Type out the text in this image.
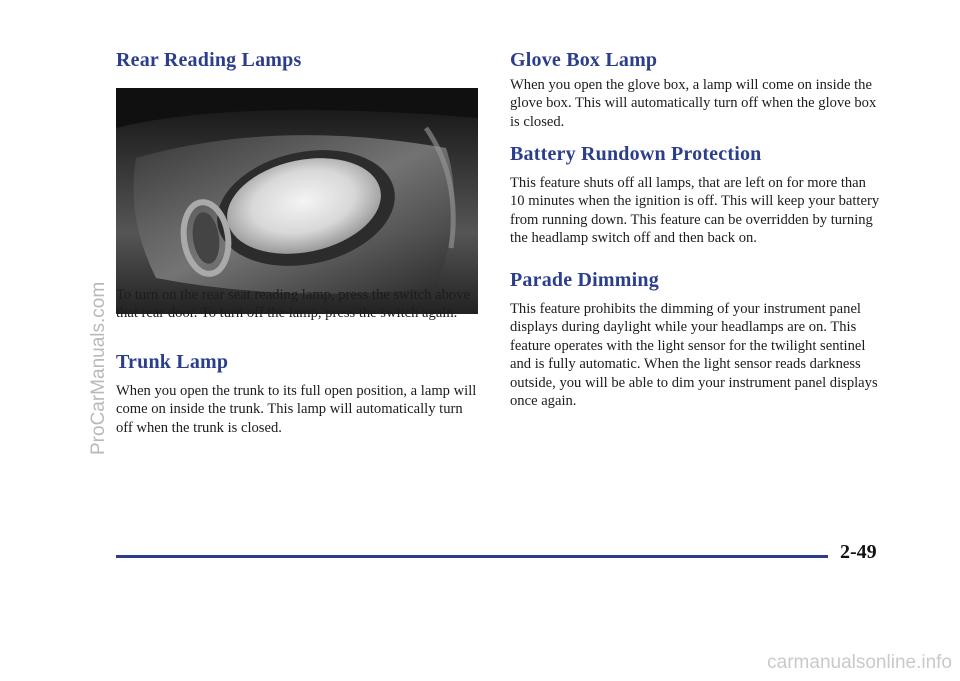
Rear Reading Lamps

To turn on the rear seat reading lamp, press the switch above that rear door. To turn off the lamp, press the switch again.

Trunk Lamp

When you open the trunk to its full open position, a lamp will come on inside the trunk. This lamp will automatically turn off when the trunk is closed.

Glove Box Lamp

When you open the glove box, a lamp will come on inside the glove box. This will automatically turn off when the glove box is closed.

Battery Rundown Protection

This feature shuts off all lamps, that are left on for more than 10 minutes when the ignition is off. This will keep your battery from running down. This feature can be overridden by turning the headlamp switch off and then back on.

Parade Dimming

This feature prohibits the dimming of your instrument panel displays during daylight while your headlamps are on. This feature operates with the light sensor for the twilight sentinel and is fully automatic. When the light sensor reads darkness outside, you will be able to dim your instrument panel displays once again.

2-49
ProCarManuals.com
carmanualsonline.info
